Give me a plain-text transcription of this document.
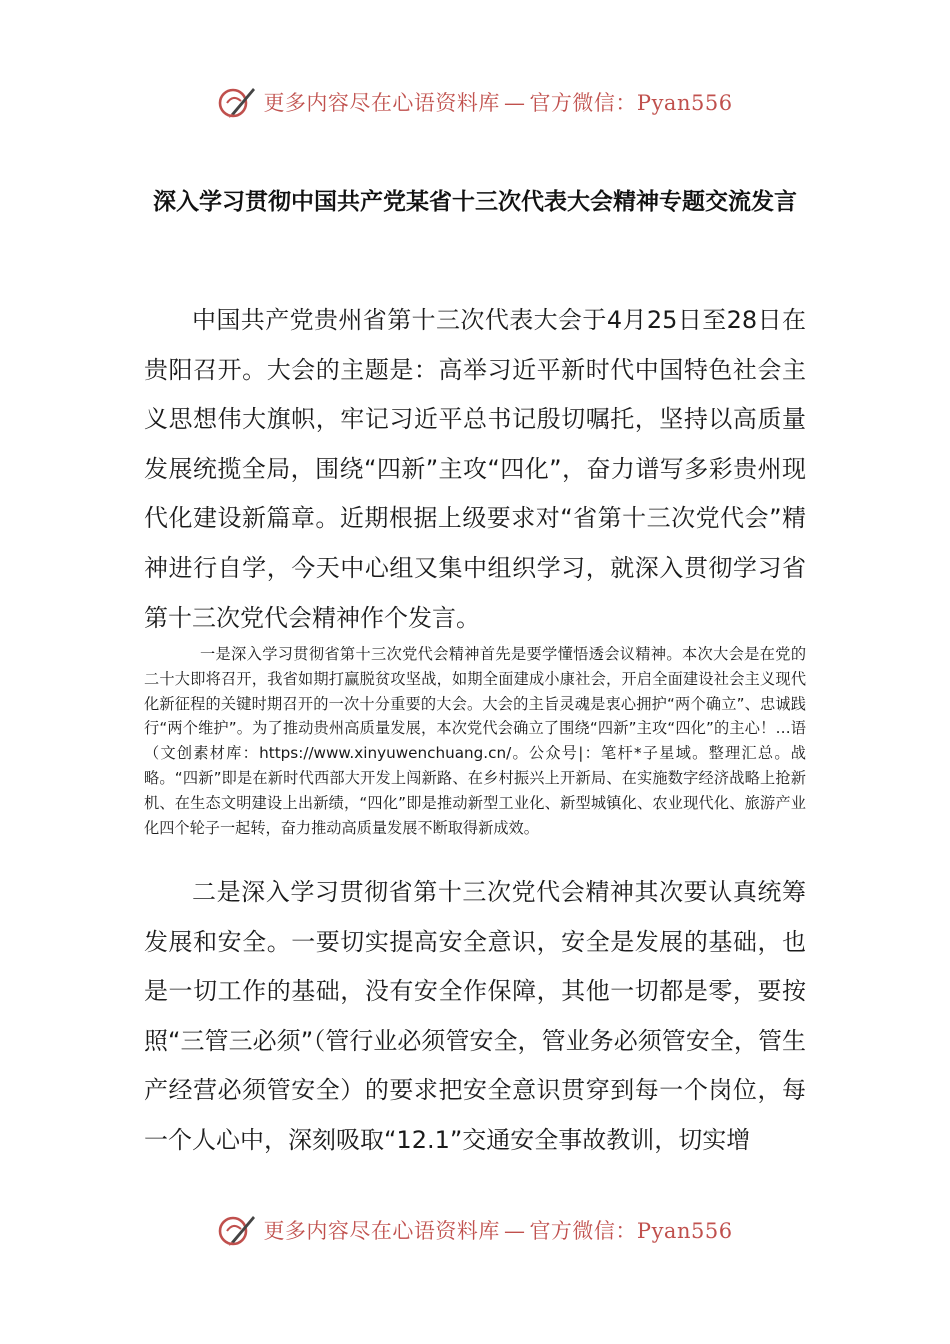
更多内容尽在心语资料库 — 官方微信：Pyan556
深入学习贯彻中国共产党某省十三次代表大会精神专题交流发言

中国共产党贵州省第十三次代表大会于4月25日至28日在贵阳召开。大会的主题是：高举习近平新时代中国特色社会主义思想伟大旗帜，牢记习近平总书记殷切嘱托，坚持以高质量发展统揽全局，围绕“四新”主攻“四化”，奋力谱写多彩贵州现代化建设新篇章。近期根据上级要求对“省第十三次党代会”精神进行自学，今天中心组又集中组织学习，就深入贯彻学习省第十三次党代会精神作个发言。

一是深入学习贯彻省第十三次党代会精神首先是要学懂悟透会议精神。本次大会是在党的二十大即将召开，我省如期打赢脱贫攻坚战，如期全面建成小康社会，开启全面建设社会主义现代化新征程的关键时期召开的一次十分重要的大会。大会的主旨灵魂是衷心拥护“两个确立”、忠诚践行“两个维护”。为了推动贵州高质量发展，本次党代会确立了围绕“四新”主攻“四化”的主心！…语（文创素材库：https://www.xinyuwenchuang.cn/。公众号|：笔杆*子星域。整理汇总。战略。“四新”即是在新时代西部大开发上闯新路、在乡村振兴上开新局、在实施数字经济战略上抢新机、在生态文明建设上出新绩，“四化”即是推动新型工业化、新型城镇化、农业现代化、旅游产业化四个轮子一起转，奋力推动高质量发展不断取得新成效。

二是深入学习贯彻省第十三次党代会精神其次要认真统筹发展和安全。一要切实提高安全意识，安全是发展的基础，也是一切工作的基础，没有安全作保障，其他一切都是零，要按照“三管三必须”（管行业必须管安全，管业务必须管安全，管生产经营必须管安全）的要求把安全意识贯穿到每一个岗位，每一个人心中，深刻吸取“12.1”交通安全事故教训，切实增

更多内容尽在心语资料库 — 官方微信：Pyan556
